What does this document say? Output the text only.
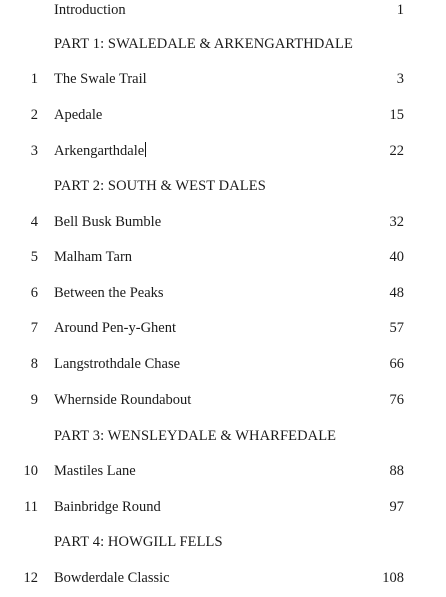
Introduction	1
PART 1: SWALEDALE & ARKENGARTHDALE
1 The Swale Trail	3
2 Apedale	15
3 Arkengarthdale	22
PART 2: SOUTH & WEST DALES
4 Bell Busk Bumble	32
5 Malham Tarn	40
6 Between the Peaks	48
7 Around Pen-y-Ghent	57
8 Langstrothdale Chase	66
9 Whernside Roundabout	76
PART 3: WENSLEYDALE & WHARFEDALE
10 Mastiles Lane	88
11 Bainbridge Round	97
PART 4: HOWGILL FELLS
12 Bowderdale Classic	108
